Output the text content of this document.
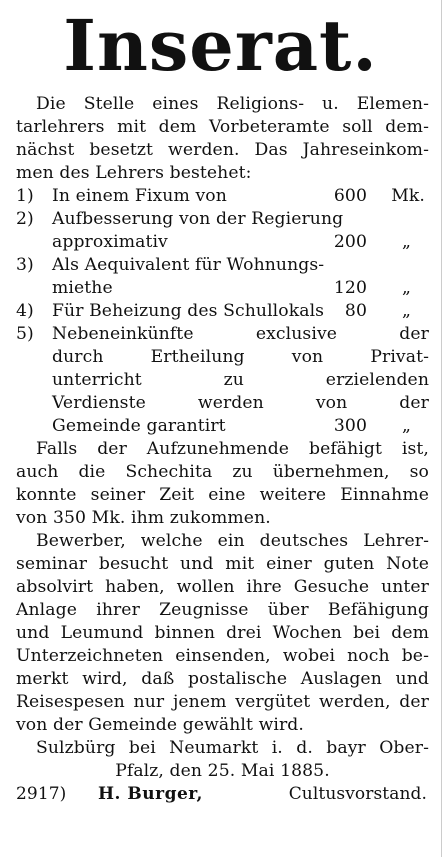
Inserat.
Die Stelle eines Religions- u. Elemen-
tarlehrers mit dem Vorbeteramte soll dem-
nächst besetzt werden. Das Jahreseinkom-
men des Lehrers bestehet:
1) In einem Fixum von	600 Mk.
2) Aufbesserung von der Regierung
approximativ	200 „
3) Als Aequivalent für Wohnungs-
miethe	120 „
4) Für Beheizung des Schullokals 80 „
5) Nebeneinkünfte exclusive der
durch Ertheilung von Privat-
unterricht zu erzielenden
Verdienste werden von der
Gemeinde garantirt	300 „
Falls der Aufzunehmende befähigt ist,
auch die Schechita zu übernehmen, so
konnte seiner Zeit eine weitere Einnahme
von 350 Mk. ihm zukommen.
Bewerber, welche ein deutsches Lehrer-
seminar besucht und mit einer guten Note
absolvirt haben, wollen ihre Gesuche unter
Anlage ihrer Zeugnisse über Befähigung
und Leumund binnen drei Wochen bei dem
Unterzeichneten einsenden, wobei noch be-
merkt wird, daß postalische Auslagen und
Reisespesen nur jenem vergütet werden, der
von der Gemeinde gewählt wird.
Sulzbürg bei Neumarkt i. d. bayr Ober-
Pfalz, den 25. Mai 1885.
2917) H. Burger,	Cultusvorstand.
